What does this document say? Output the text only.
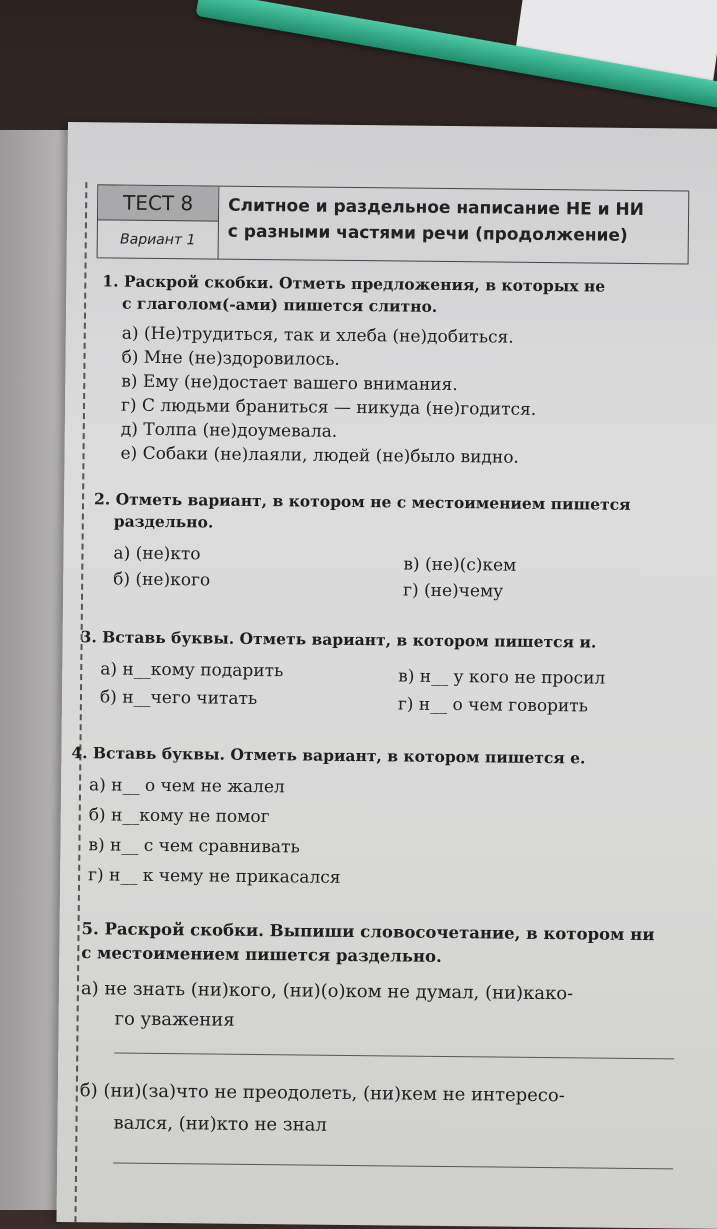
ТЕСТ 8
Вариант 1
Слитное и раздельное написание НЕ и НИ
с разными частями речи (продолжение)
1. Раскрой скобки. Отметь предложения, в которых не
с глаголом(-ами) пишется слитно.
а) (Не)трудиться, так и хлеба (не)добиться.
б) Мне (не)здоровилось.
в) Ему (не)достает вашего внимания.
г) С людьми браниться — никуда (не)годится.
д) Толпа (не)доумевала.
е) Собаки (не)лаяли, людей (не)было видно.
2. Отметь вариант, в котором не с местоимением пишется
раздельно.
а) (не)кто
б) (не)кого
в) (не)(с)кем
г) (не)чему
3. Вставь буквы. Отметь вариант, в котором пишется и.
а) н__кому подарить
б) н__чего читать
в) н__ у кого не просил
г) н__ о чем говорить
4. Вставь буквы. Отметь вариант, в котором пишется е.
а) н__ о чем не жалел
б) н__кому не помог
в) н__ с чем сравнивать
г) н__ к чему не прикасался
5. Раскрой скобки. Выпиши словосочетание, в котором ни
с местоимением пишется раздельно.
а) не знать (ни)кого, (ни)(о)ком не думал, (ни)како-
го уважения
б) (ни)(за)что не преодолеть, (ни)кем не интересо-
вался, (ни)кто не знал
